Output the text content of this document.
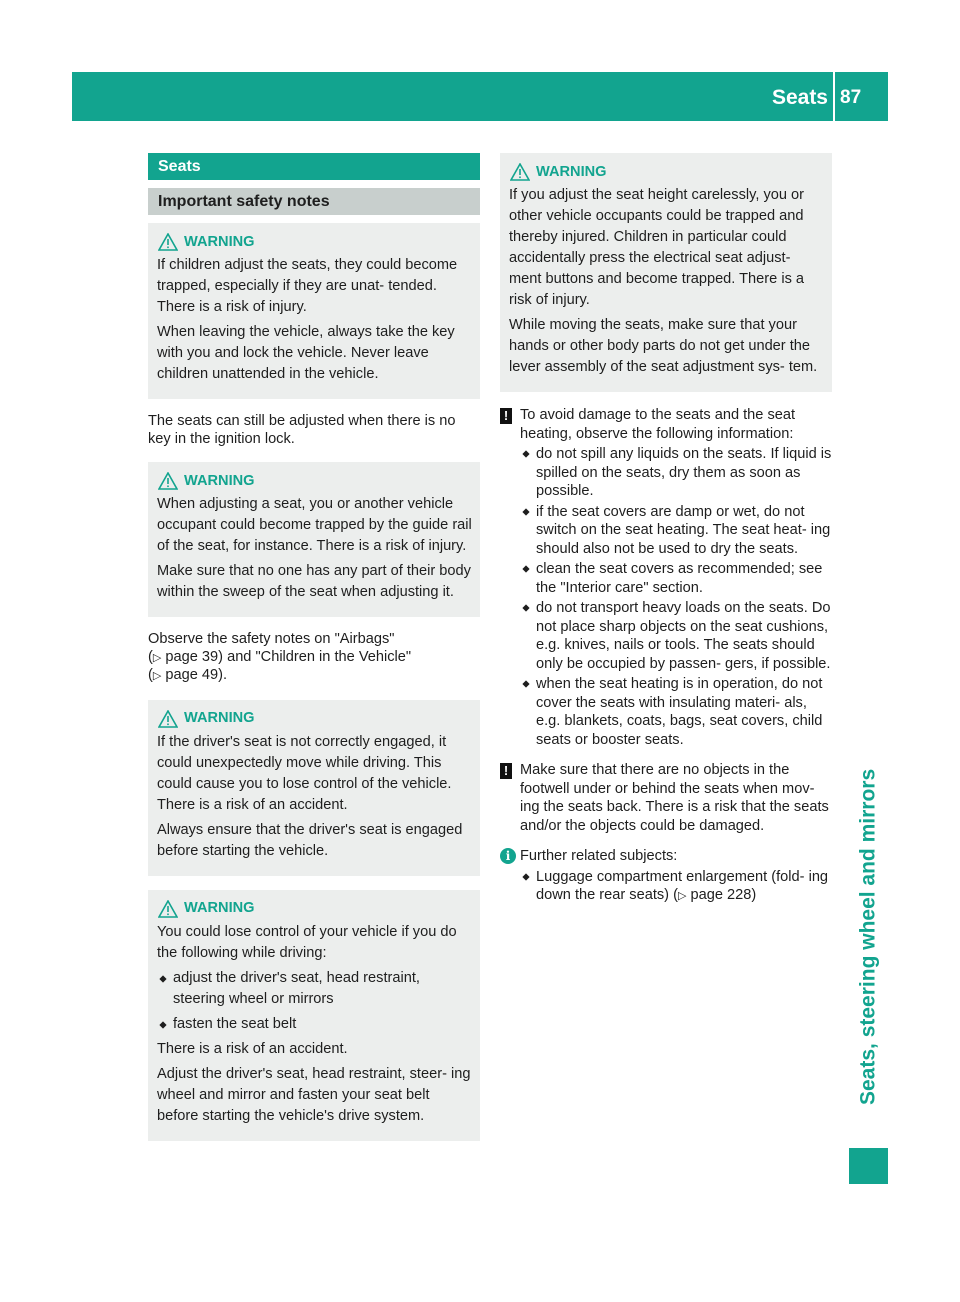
Seats 87
Seats, steering wheel and mirrors
Seats
Important safety notes
WARNING

If children adjust the seats, they could become trapped, especially if they are unat- tended. There is a risk of injury.

When leaving the vehicle, always take the key with you and lock the vehicle. Never leave children unattended in the vehicle.

The seats can still be adjusted when there is no key in the ignition lock.

WARNING

When adjusting a seat, you or another vehicle occupant could become trapped by the guide rail of the seat, for instance. There is a risk of injury.

Make sure that no one has any part of their body within the sweep of the seat when adjusting it.

Observe the safety notes on "Airbags"
(▷ page 39) and "Children in the Vehicle"
(▷ page 49).
WARNING

If the driver's seat is not correctly engaged, it could unexpectedly move while driving. This could cause you to lose control of the vehicle. There is a risk of an accident.

Always ensure that the driver's seat is engaged before starting the vehicle.

WARNING

You could lose control of your vehicle if you do the following while driving:

adjust the driver's seat, head restraint, steering wheel or mirrors

fasten the seat belt

There is a risk of an accident.

Adjust the driver's seat, head restraint, steer- ing wheel and mirror and fasten your seat belt before starting the vehicle's drive system.

WARNING

If you adjust the seat height carelessly, you or other vehicle occupants could be trapped and thereby injured. Children in particular could accidentally press the electrical seat adjust- ment buttons and become trapped. There is a risk of injury.

While moving the seats, make sure that your hands or other body parts do not get under the lever assembly of the seat adjustment sys- tem.

! To avoid damage to the seats and the seat heating, observe the following information:
do not spill any liquids on the seats. If liquid is spilled on the seats, dry them as soon as possible.
if the seat covers are damp or wet, do not switch on the seat heating. The seat heat- ing should also not be used to dry the seats.
clean the seat covers as recommended; see the "Interior care" section.
do not transport heavy loads on the seats. Do not place sharp objects on the seat cushions, e.g. knives, nails or tools. The seats should only be occupied by passen- gers, if possible.
when the seat heating is in operation, do not cover the seats with insulating materi- als, e.g. blankets, coats, bags, seat covers, child seats or booster seats.
! Make sure that there are no objects in the footwell under or behind the seats when mov- ing the seats back. There is a risk that the seats and/or the objects could be damaged.
i Further related subjects:
Luggage compartment enlargement (fold- ing down the rear seats) (▷ page 228)
